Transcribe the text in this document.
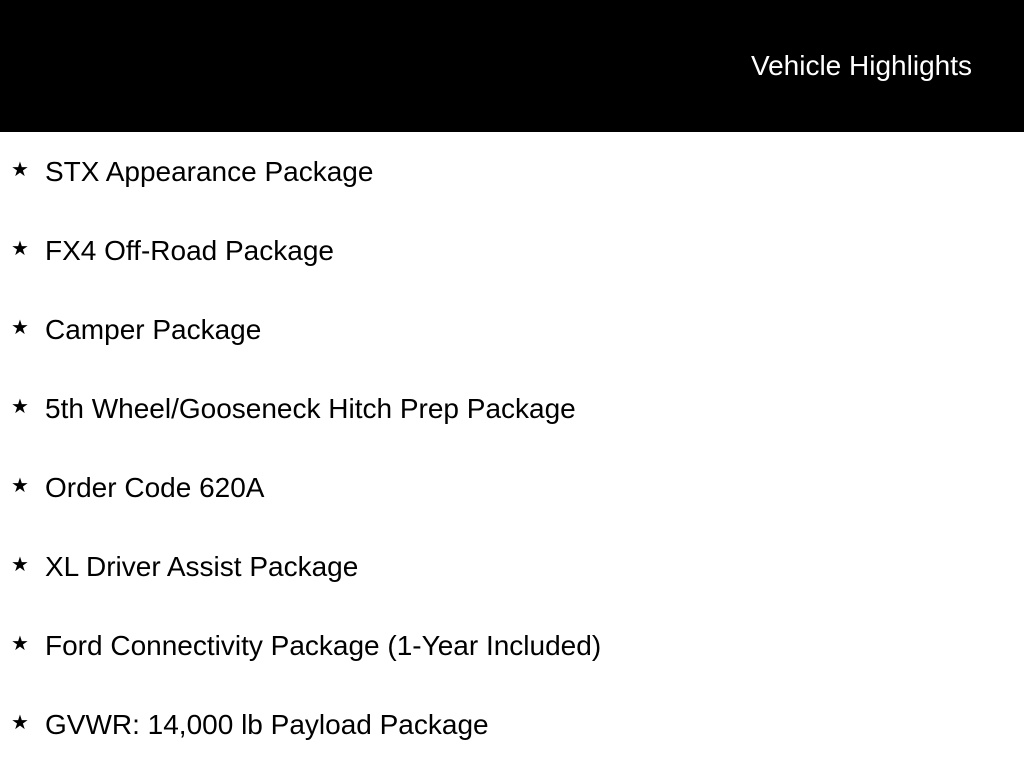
Vehicle Highlights
★ STX Appearance Package
★ FX4 Off-Road Package
★ Camper Package
★ 5th Wheel/Gooseneck Hitch Prep Package
★ Order Code 620A
★ XL Driver Assist Package
★ Ford Connectivity Package (1-Year Included)
★ GVWR: 14,000 lb Payload Package
